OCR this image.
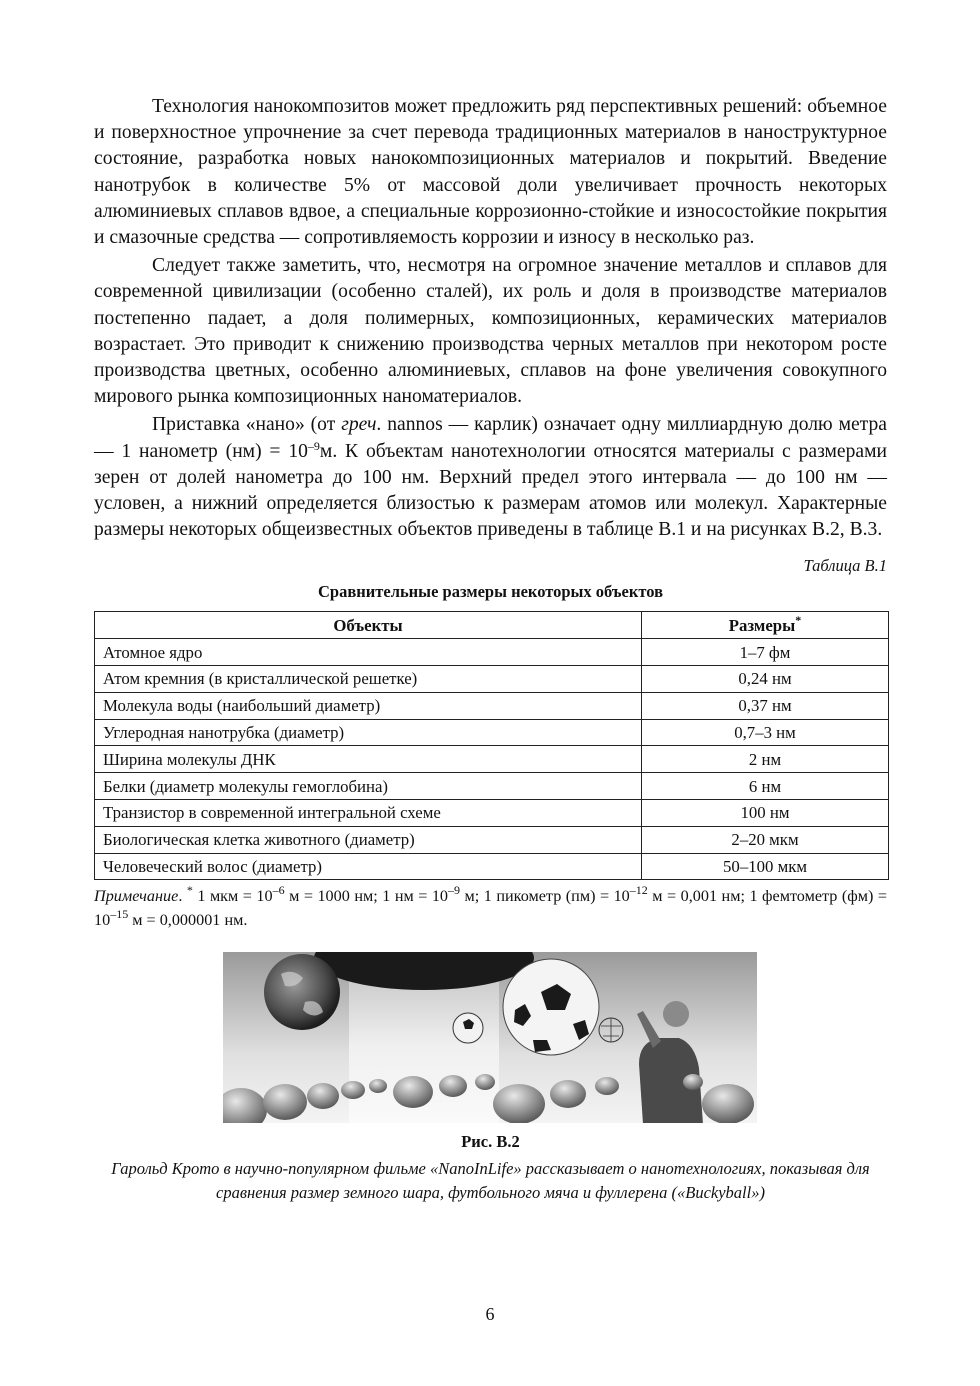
Технология нанокомпозитов может предложить ряд перспективных решений: объемное и поверхностное упрочнение за счет перевода традиционных материалов в наноструктурное состояние, разработка новых нанокомпозиционных материалов и покрытий. Введение нанотрубок в количестве 5% от массовой доли увеличивает прочность некоторых алюминиевых сплавов вдвое, а специальные коррозионно-стойкие и износостойкие покрытия и смазочные средства — сопротивляемость коррозии и износу в несколько раз.

Следует также заметить, что, несмотря на огромное значение металлов и сплавов для современной цивилизации (особенно сталей), их роль и доля в производстве материалов постепенно падает, а доля полимерных, композиционных, керамических материалов возрастает. Это приводит к снижению производства черных металлов при некотором росте производства цветных, особенно алюминиевых, сплавов на фоне увеличения совокупного мирового рынка композиционных наноматериалов.

Приставка «нано» (от греч. nannos — карлик) означает одну миллиардную долю метра — 1 нанометр $(нм) = 10^{-9}м$. К объектам нанотехнологии относятся материалы с размерами зерен от долей нанометра до 100 нм. Верхний предел этого интервала — до 100 нм — условен, а нижний определяется близостью к размерам атомов или молекул. Характерные размеры некоторых общеизвестных объектов приведены в таблице В.1 и на рисунках В.2, В.3.

Таблица В.1
Сравнительные размеры некоторых объектов
Объекты	Размеры*
Атомное ядро	1–7 фм
Атом кремния (в кристаллической решетке)	0,24 нм
Молекула воды (наибольший диаметр)	0,37 нм
Углеродная нанотрубка (диаметр)	0,7–3 нм
Ширина молекулы ДНК	2 нм
Белки (диаметр молекулы гемоглобина)	6 нм
Транзистор в современной интегральной схеме	100 нм
Биологическая клетка животного (диаметр)	2–20 мкм
Человеческий волос (диаметр)	50–100 мкм
Примечание. * 1 мкм = $10^{-6}$ м = 1000 нм; 1 нм = $10^{-9}$ м; 1 пикометр $(пм) = 10^{-12}$ м = 0,001 нм; 1 фемтометр $(фм) = 10^{-15}$ м = 0,000001 нм.
Рис. В.2
Гарольд Крото в научно-популярном фильме «NanoInLife» рассказывает о нанотехнологиях, показывая для сравнения размер земного шара, футбольного мяча и фуллерена («Buckyball»)
6
